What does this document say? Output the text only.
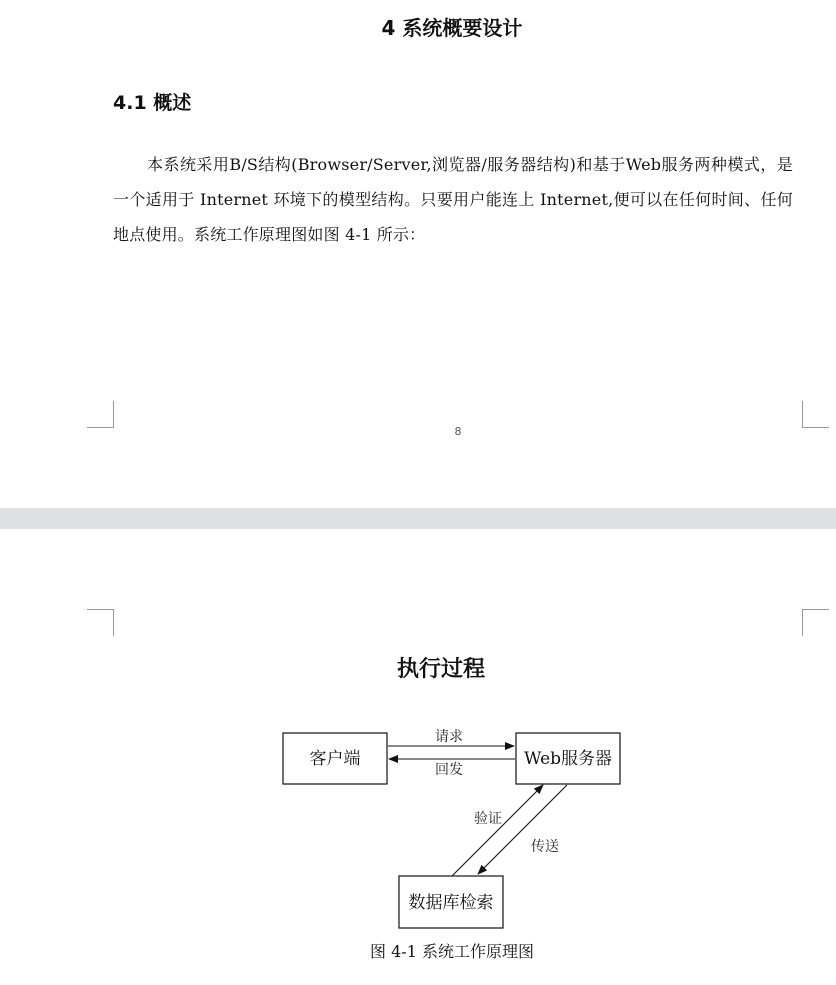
4 系统概要设计
4.1 概述

本系统采用B/S结构(Browser/Server,浏览器/服务器结构)和基于Web服务两种模式，是一个适用于 Internet 环境下的模型结构。只要用户能连上 Internet,便可以在任何时间、任何地点使用。系统工作原理图如图 4-1 所示：

8
执行过程
客户端	Web服务器
数据库检索
请求
回发
验证
传送

图 4-1 系统工作原理图
